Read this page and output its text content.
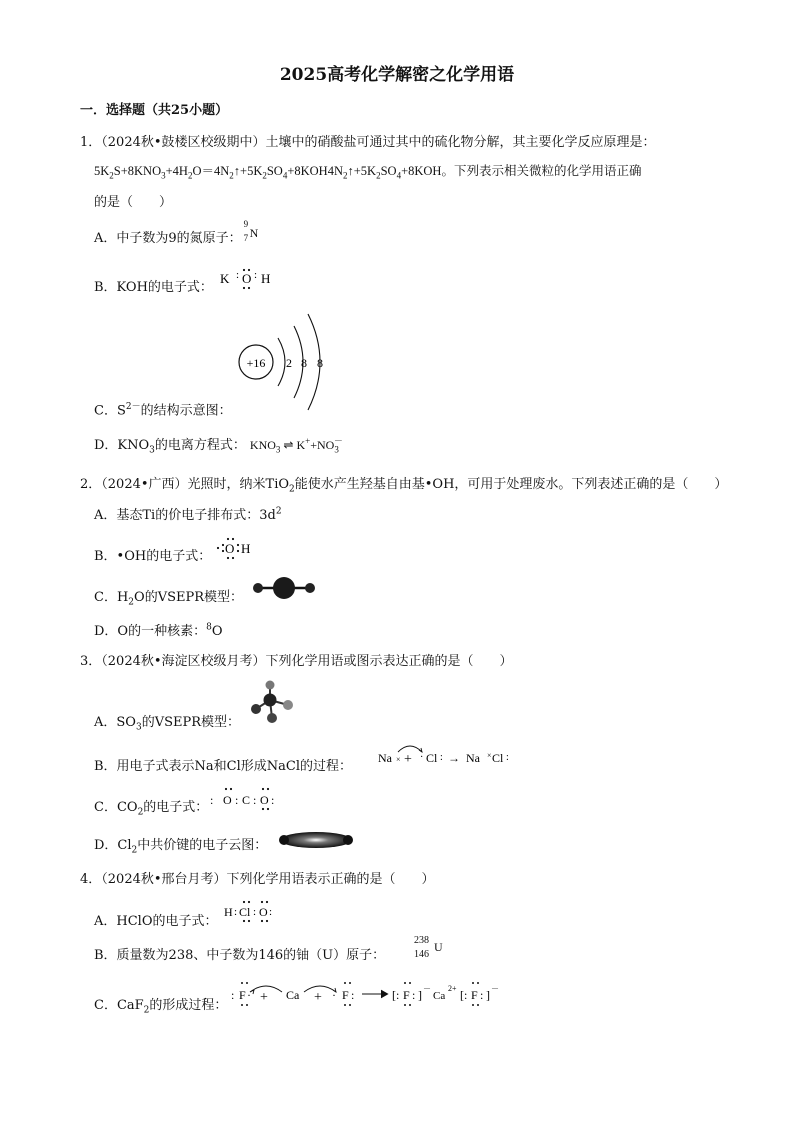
2025高考化学解密之化学用语
一．选择题（共25小题）
1．（2024秋•鼓楼区校级期中）土壤中的硝酸盐可通过其中的硫化物分解，其主要化学反应原理是：
$5K_2S+8KNO_3+4H_2O=4N_2↑+5K_2SO_4+8KOH4N_2↑+5K_2SO_4+8KOH$。下列表示相关微粒的化学用语正确
的是（　　）
A．中子数为9的氮原子：
9
7 N
B．KOH的电子式：
K : O : H
+16 2 8 8
C．$S^{2-}$的结构示意图：
D．$KNO_3$的电离方程式： $KNO_3$ ⇌ $K^++NO_3^-$
2．（2024•广西）光照时，纳米TiO$_2$能使水产生羟基自由基•OH，可用于处理废水。下列表述正确的是（　　）
A．基态Ti的价电子排布式：$3d^2$
B．•OH的电子式：
O H
C．$H_2O$的VSEPR模型：
D．O的一种核素：$^8$O
3．（2024秋•海淀区校级月考）下列化学用语或图示表达正确的是（　　）
A．$SO_3$的VSEPR模型：
B．用电子式表示Na和Cl形成NaCl的过程：
Na × + · Cl : → Na × Cl :
C．$CO_2$的电子式： : O : C : O :
D．$Cl_2$中共价键的电子云图：
4．（2024秋•邢台月考）下列化学用语表示正确的是（　　）
A．HClO的电子式：
H : Cl : O :
B．质量数为238、中子数为146的铀（U）原子：
238
146
U
C．CaF$_2$的形成过程：
: F · + Ca + · F :	[ : F : ] －
Ca
2+ [ : F : ] －
